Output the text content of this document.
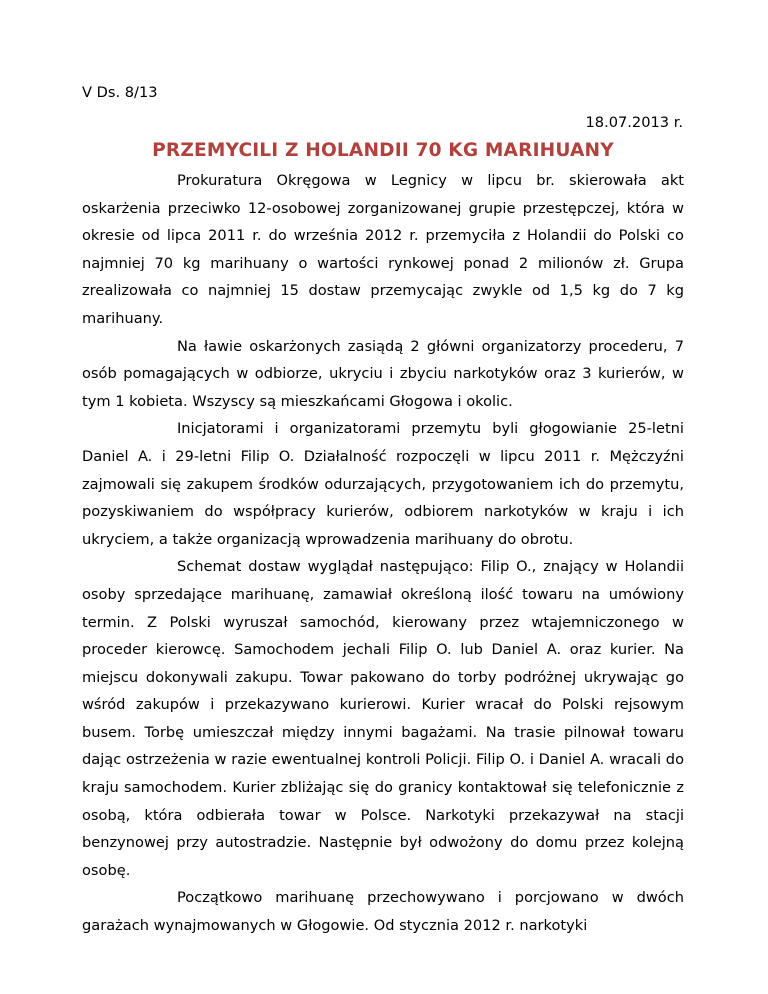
V Ds. 8/13

18.07.2013 r.

PRZEMYCILI Z HOLANDII 70 KG MARIHUANY

Prokuratura Okręgowa w Legnicy w lipcu br. skierowała akt oskarżenia przeciwko 12-osobowej zorganizowanej grupie przestępczej, która w okresie od lipca 2011 r. do września 2012 r. przemyciła z Holandii do Polski co najmniej 70 kg marihuany o wartości rynkowej ponad 2 milionów zł. Grupa zrealizowała co najmniej 15 dostaw przemycając zwykle od 1,5 kg do 7 kg marihuany.

Na ławie oskarżonych zasiądą 2 główni organizatorzy procederu, 7 osób pomagających w odbiorze, ukryciu i zbyciu narkotyków oraz 3 kurierów, w tym 1 kobieta. Wszyscy są mieszkańcami Głogowa i okolic.

Inicjatorami i organizatorami przemytu byli głogowianie 25-letni Daniel A. i 29-letni Filip O. Działalność rozpoczęli w lipcu 2011 r. Mężczyźni zajmowali się zakupem środków odurzających, przygotowaniem ich do przemytu, pozyskiwaniem do współpracy kurierów, odbiorem narkotyków w kraju i ich ukryciem, a także organizacją wprowadzenia marihuany do obrotu.

Schemat dostaw wyglądał następująco: Filip O., znający w Holandii osoby sprzedające marihuanę, zamawiał określoną ilość towaru na umówiony termin. Z Polski wyruszał samochód, kierowany przez wtajemniczonego w proceder kierowcę. Samochodem jechali Filip O. lub Daniel A. oraz kurier. Na miejscu dokonywali zakupu. Towar pakowano do torby podróżnej ukrywając go wśród zakupów i przekazywano kurierowi. Kurier wracał do Polski rejsowym busem. Torbę umieszczał między innymi bagażami. Na trasie pilnował towaru dając ostrzeżenia w razie ewentualnej kontroli Policji. Filip O. i Daniel A. wracali do kraju samochodem. Kurier zbliżając się do granicy kontaktował się telefonicznie z osobą, która odbierała towar w Polsce. Narkotyki przekazywał na stacji benzynowej przy autostradzie. Następnie był odwożony do domu przez kolejną osobę.

Początkowo marihuanę przechowywano i porcjowano w dwóch garażach wynajmowanych w Głogowie. Od stycznia 2012 r. narkotyki
